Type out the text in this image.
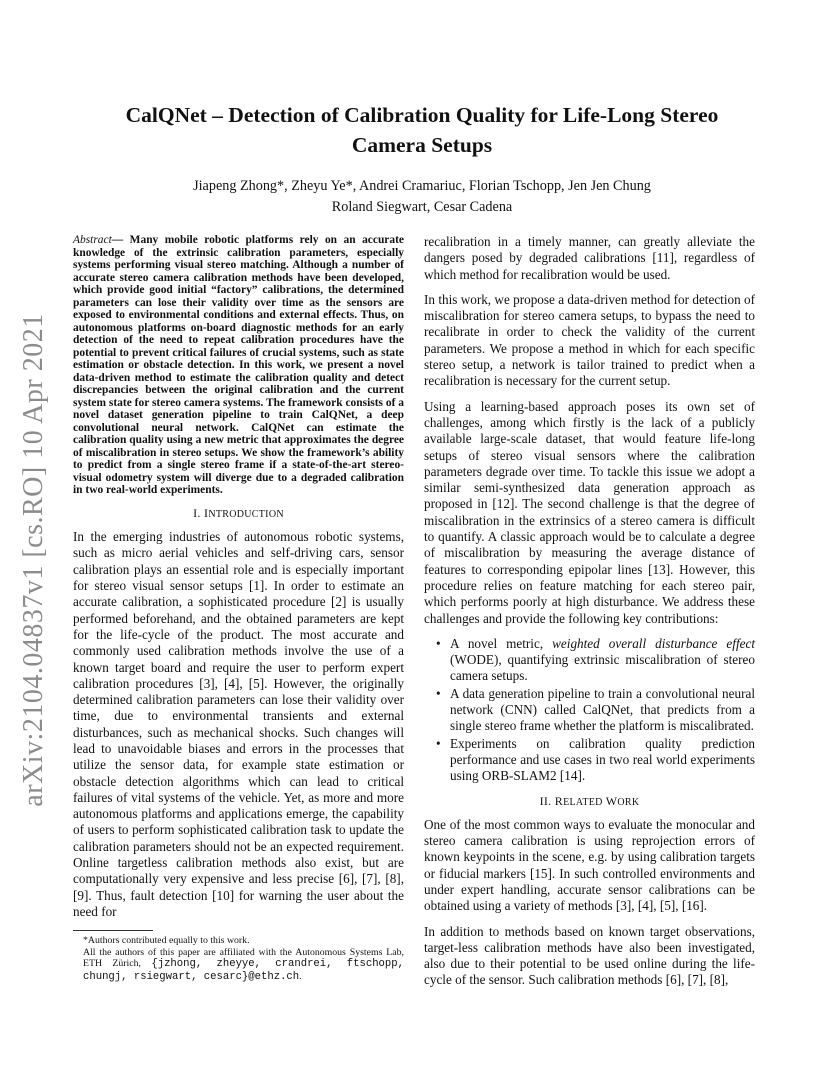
arXiv:2104.04837v1 [cs.RO] 10 Apr 2021
CalQNet – Detection of Calibration Quality for Life-Long Stereo Camera Setups
Jiapeng Zhong*, Zheyu Ye*, Andrei Cramariuc, Florian Tschopp, Jen Jen Chung
Roland Siegwart, Cesar Cadena

Abstract— Many mobile robotic platforms rely on an accurate knowledge of the extrinsic calibration parameters, especially systems performing visual stereo matching. Although a number of accurate stereo camera calibration methods have been developed, which provide good initial “factory” calibrations, the determined parameters can lose their validity over time as the sensors are exposed to environmental conditions and external effects. Thus, on autonomous platforms on-board diagnostic methods for an early detection of the need to repeat calibration procedures have the potential to prevent critical failures of crucial systems, such as state estimation or obstacle detection. In this work, we present a novel data-driven method to estimate the calibration quality and detect discrepancies between the original calibration and the current system state for stereo camera systems. The framework consists of a novel dataset generation pipeline to train CalQNet, a deep convolutional neural network. CalQNet can estimate the calibration quality using a new metric that approximates the degree of miscalibration in stereo setups. We show the framework’s ability to predict from a single stereo frame if a state-of-the-art stereo-visual odometry system will diverge due to a degraded calibration in two real-world experiments.

I. INTRODUCTION

In the emerging industries of autonomous robotic systems, such as micro aerial vehicles and self-driving cars, sensor calibration plays an essential role and is especially important for stereo visual sensor setups [1]. In order to estimate an accurate calibration, a sophisticated procedure [2] is usually performed beforehand, and the obtained parameters are kept for the life-cycle of the product. The most accurate and commonly used calibration methods involve the use of a known target board and require the user to perform expert calibration procedures [3], [4], [5]. However, the originally determined calibration parameters can lose their validity over time, due to environmental transients and external disturbances, such as mechanical shocks. Such changes will lead to unavoidable biases and errors in the processes that utilize the sensor data, for example state estimation or obstacle detection algorithms which can lead to critical failures of vital systems of the vehicle. Yet, as more and more autonomous platforms and applications emerge, the capability of users to perform sophisticated calibration task to update the calibration parameters should not be an expected requirement. Online targetless calibration methods also exist, but are computationally very expensive and less precise [6], [7], [8], [9]. Thus, fault detection [10] for warning the user about the need for

*Authors contributed equally to this work.
All the authors of this paper are affiliated with the Autonomous Systems Lab, ETH Zürich, {jzhong, zheyye, crandrei, ftschopp, chungj, rsiegwart, cesarc}@ethz.ch.

recalibration in a timely manner, can greatly alleviate the dangers posed by degraded calibrations [11], regardless of which method for recalibration would be used.

In this work, we propose a data-driven method for detection of miscalibration for stereo camera setups, to bypass the need to recalibrate in order to check the validity of the current parameters. We propose a method in which for each specific stereo setup, a network is tailor trained to predict when a recalibration is necessary for the current setup.

Using a learning-based approach poses its own set of challenges, among which firstly is the lack of a publicly available large-scale dataset, that would feature life-long setups of stereo visual sensors where the calibration parameters degrade over time. To tackle this issue we adopt a similar semi-synthesized data generation approach as proposed in [12]. The second challenge is that the degree of miscalibration in the extrinsics of a stereo camera is difficult to quantify. A classic approach would be to calculate a degree of miscalibration by measuring the average distance of features to corresponding epipolar lines [13]. However, this procedure relies on feature matching for each stereo pair, which performs poorly at high disturbance. We address these challenges and provide the following key contributions:

• A novel metric, weighted overall disturbance effect (WODE), quantifying extrinsic miscalibration of stereo camera setups.
• A data generation pipeline to train a convolutional neural network (CNN) called CalQNet, that predicts from a single stereo frame whether the platform is miscalibrated.
• Experiments on calibration quality prediction performance and use cases in two real world experiments using ORB-SLAM2 [14].
II. RELATED WORK

One of the most common ways to evaluate the monocular and stereo camera calibration is using reprojection errors of known keypoints in the scene, e.g. by using calibration targets or fiducial markers [15]. In such controlled environments and under expert handling, accurate sensor calibrations can be obtained using a variety of methods [3], [4], [5], [16].

In addition to methods based on known target observations, target-less calibration methods have also been investigated, also due to their potential to be used online during the life-cycle of the sensor. Such calibration methods [6], [7], [8],
